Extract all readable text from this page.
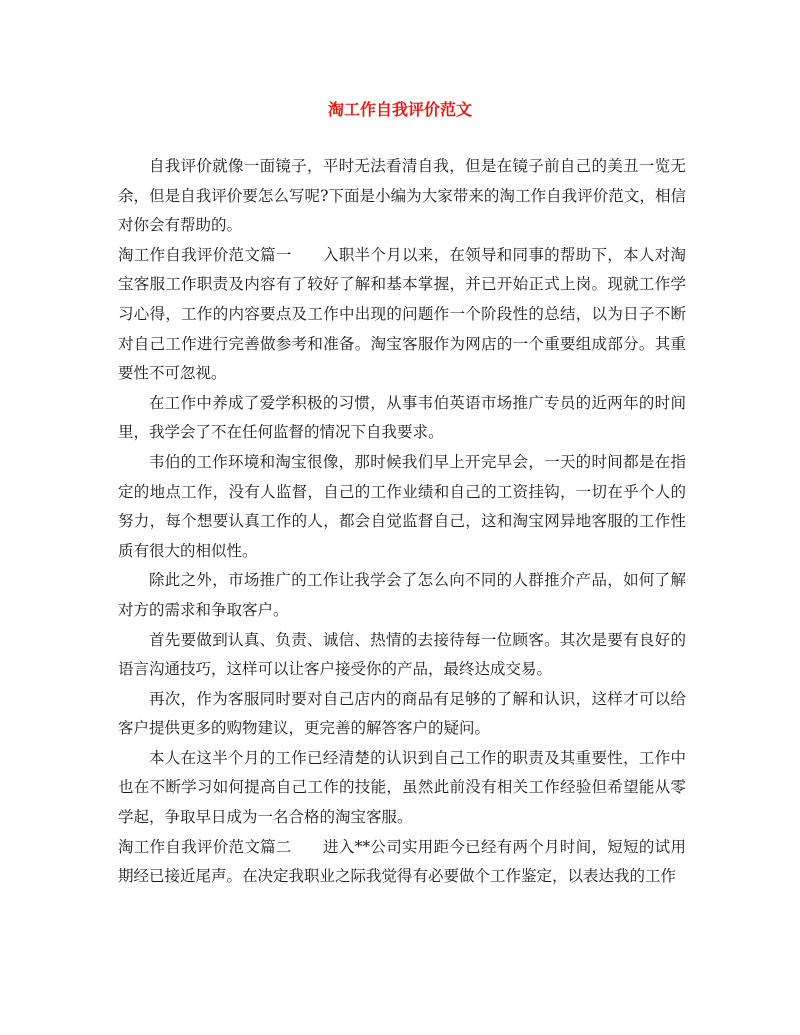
淘工作自我评价范文

自我评价就像一面镜子，平时无法看清自我，但是在镜子前自己的美丑一览无余，但是自我评价要怎么写呢?下面是小编为大家带来的淘工作自我评价范文，相信对你会有帮助的。

淘工作自我评价范文篇一 入职半个月以来，在领导和同事的帮助下，本人对淘宝客服工作职责及内容有了较好了解和基本掌握，并已开始正式上岗。现就工作学习心得，工作的内容要点及工作中出现的问题作一个阶段性的总结，以为日子不断对自己工作进行完善做参考和准备。淘宝客服作为网店的一个重要组成部分。其重要性不可忽视。

在工作中养成了爱学积极的习惯，从事韦伯英语市场推广专员的近两年的时间里，我学会了不在任何监督的情况下自我要求。

韦伯的工作环境和淘宝很像，那时候我们早上开完早会，一天的时间都是在指定的地点工作，没有人监督，自己的工作业绩和自己的工资挂钩，一切在乎个人的努力，每个想要认真工作的人，都会自觉监督自己，这和淘宝网异地客服的工作性质有很大的相似性。

除此之外，市场推广的工作让我学会了怎么向不同的人群推介产品，如何了解对方的需求和争取客户。

首先要做到认真、负责、诚信、热情的去接待每一位顾客。其次是要有良好的语言沟通技巧，这样可以让客户接受你的产品，最终达成交易。

再次，作为客服同时要对自己店内的商品有足够的了解和认识，这样才可以给客户提供更多的购物建议，更完善的解答客户的疑问。

本人在这半个月的工作已经清楚的认识到自己工作的职责及其重要性，工作中也在不断学习如何提高自己工作的技能，虽然此前没有相关工作经验但希望能从零学起，争取早日成为一名合格的淘宝客服。

淘工作自我评价范文篇二 进入**公司实用距今已经有两个月时间，短短的试用期经已接近尾声。在决定我职业之际我觉得有必要做个工作鉴定，以表达我的工作
